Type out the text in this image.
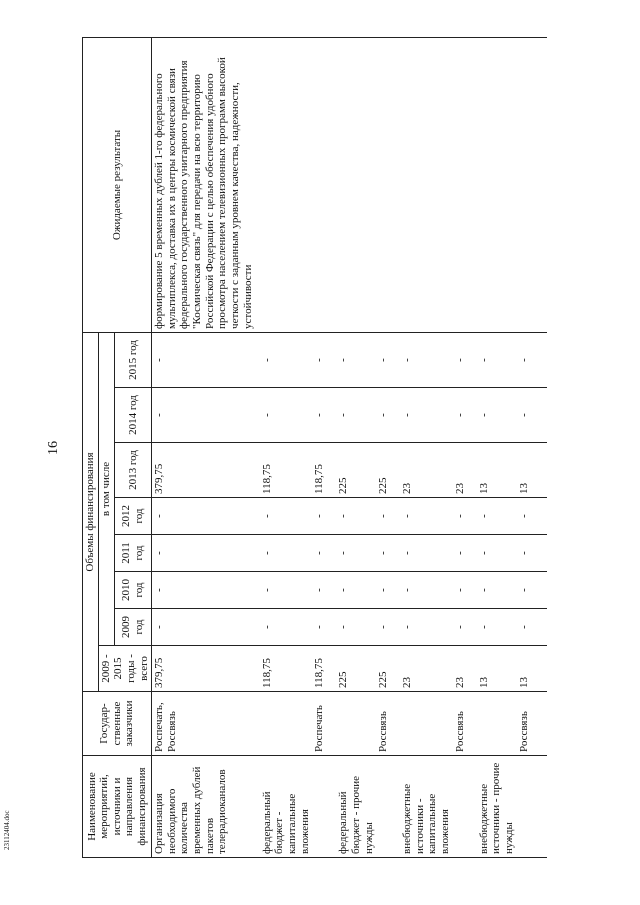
16
Наименование мероприятий, источники и направления финансирования	Государ-ственные заказчики	Объемы финансирования								Ожидаемые результаты
		2009 - 2015 годы - всего	в том числе							
			2009 год	2010 год	2011 год	2012 год	2013 год	2014 год	2015 год	
Организация необходимого количества временных дублей пакетов телерадиоканалов	Роспечать, Россвязь	379,75	-	-	-	-	379,75	-	-	формирование 5 временных дублей 1-го федерального мультиплекса, доставка их в центры космической связи федерального государственного унитарного предприятия "Космическая связь" для передачи на всю территорию Российской Федерации с целью обеспечения удобного просмотра населением телевизионных программ высокой четкости с заданным уровнем качества, надежности, устойчивости
федеральный бюджет - капитальные вложения		118,75	-	-	-	-	118,75	-	-	
	Роспечать	118,75	-	-	-	-	118,75	-	-	
федеральный бюджет - прочие нужды		225	-	-	-	-	225	-	-	
	Россвязь	225	-	-	-	-	225	-	-	
внебюджетные источники - капитальные вложения		23	-	-	-	-	23	-	-	
	Россвязь	23	-	-	-	-	23	-	-	
внебюджетные источники - прочие нужды		13	-	-	-	-	13	-	-	
	Россвязь	13	-	-	-	-	13	-	-	
23112404.doc
